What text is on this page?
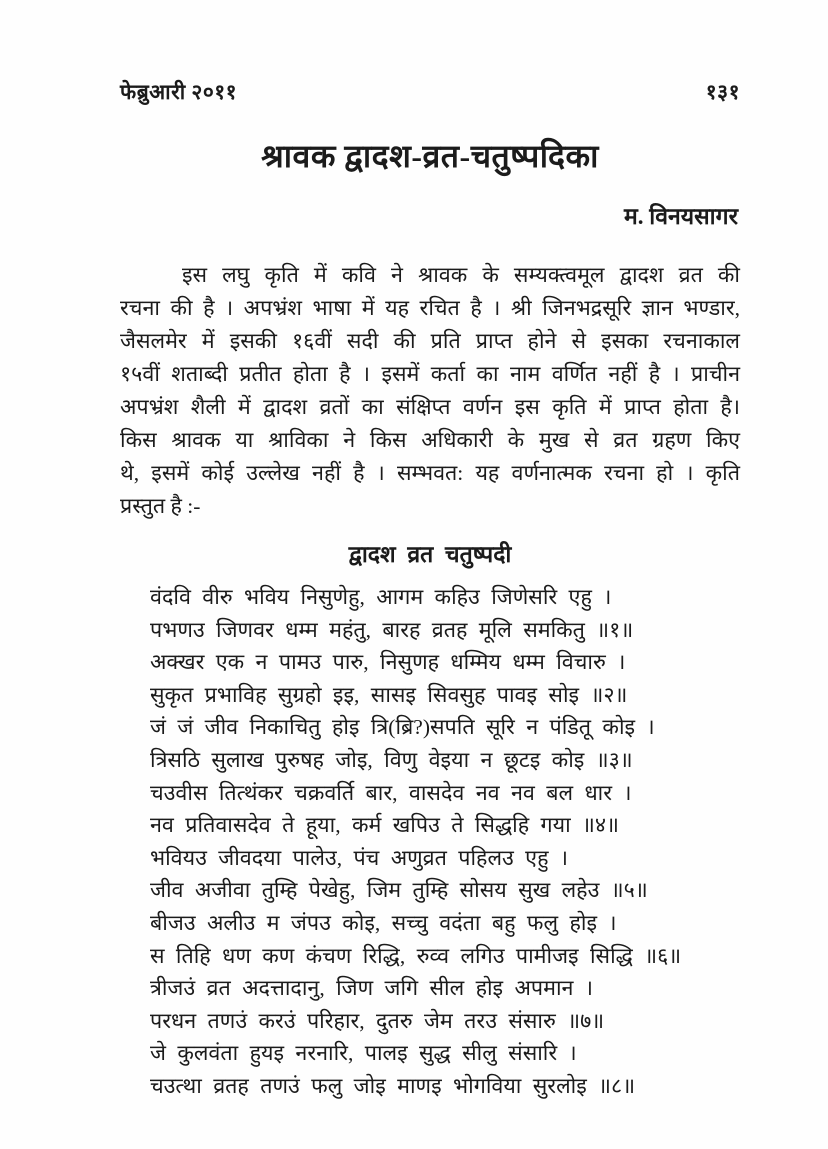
फेब्रुआरी २०११	१३१
श्रावक द्वादश-व्रत-चतुष्पदिका
म. विनयसागर
इस लघु कृति में कवि ने श्रावक के सम्यक्त्वमूल द्वादश व्रत की
रचना की है । अपभ्रंश भाषा में यह रचित है । श्री जिनभद्रसूरि ज्ञान भण्डार,
जैसलमेर में इसकी १६वीं सदी की प्रति प्राप्त होने से इसका रचनाकाल
१५वीं शताब्दी प्रतीत होता है । इसमें कर्ता का नाम वर्णित नहीं है । प्राचीन
अपभ्रंश शैली में द्वादश व्रतों का संक्षिप्त वर्णन इस कृति में प्राप्त होता है।
किस श्रावक या श्राविका ने किस अधिकारी के मुख से व्रत ग्रहण किए
थे, इसमें कोई उल्लेख नहीं है । सम्भवत: यह वर्णनात्मक रचना हो । कृति
प्रस्तुत है :-
द्वादश व्रत चतुष्पदी
वंदवि वीरु भविय निसुणेहु, आगम कहिउ जिणेसरि एहु ।
पभणउ जिणवर धम्म महंतु, बारह व्रतह मूलि समकितु ॥१॥
अक्खर एक न पामउ पारु, निसुणह धम्मिय धम्म विचारु ।
सुकृत प्रभाविह सुग्रहो इइ, सासइ सिवसुह पावइ सोइ ॥२॥
जं जं जीव निकाचितु होइ त्रि(ब्रि?)सपति सूरि न पंडितू कोइ ।
त्रिसठि सुलाख पुरुषह जोइ, विणु वेइया न छूटइ कोइ ॥३॥
चउवीस तित्थंकर चक्रवर्ति बार, वासदेव नव नव बल धार ।
नव प्रतिवासदेव ते हूया, कर्म खपिउ ते सिद्धहि गया ॥४॥
भवियउ जीवदया पालेउ, पंच अणुव्रत पहिलउ एहु ।
जीव अजीवा तुम्हि पेखेहु, जिम तुम्हि सोसय सुख लहेउ ॥५॥
बीजउ अलीउ म जंपउ कोइ, सच्चु वदंता बहु फलु होइ ।
स तिहि धण कण कंचण रिद्धि, रुव्व लगिउ पामीजइ सिद्धि ॥६॥
त्रीजउं व्रत अदत्तादानु, जिण जगि सील होइ अपमान ।
परधन तणउं करउं परिहार, दुतरु जेम तरउ संसारु ॥७॥
जे कुलवंता हुयइ नरनारि, पालइ सुद्ध सीलु संसारि ।
चउत्था व्रतह तणउं फलु जोइ माणइ भोगविया सुरलोइ ॥८॥
